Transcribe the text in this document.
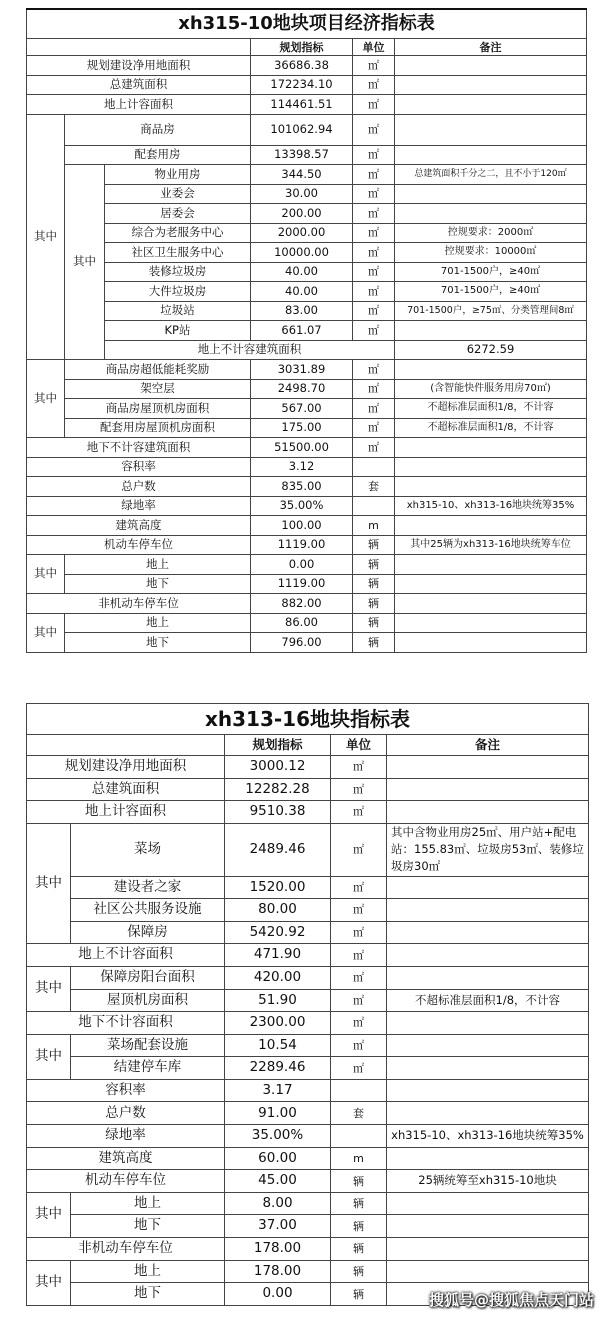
xh315-10地块项目经济指标表						
			规划指标	单位	备注	
规划建设净用地面积			36686.38	㎡		
总建筑面积			172234.10	㎡		
地上计容面积			114461.51	㎡		
其中	商品房		101062.94	㎡		
	配套用房		13398.57	㎡		
	其中	物业用房	344.50	㎡	总建筑面积千分之二，且不小于120㎡	
		业委会	30.00	㎡		
		居委会	200.00	㎡		
		综合为老服务中心	2000.00	㎡	控规要求：2000㎡	
		社区卫生服务中心	10000.00	㎡	控规要求：10000㎡	
		装修垃圾房	40.00	㎡	701-1500户，≥40㎡	
		大件垃圾房	40.00	㎡	701-1500户，≥40㎡	
		垃圾站	83.00	㎡	701-1500户，≥75㎡、分类管理间8㎡	
		KP站	661.07	㎡		
		地上不计容建筑面积			6272.59		
其中	商品房超低能耗奖励		3031.89	㎡		
	架空层		2498.70	㎡	(含智能快件服务用房70㎡)	
	商品房屋顶机房面积		567.00	㎡	不超标准层面积1/8，不计容	
	配套用房屋顶机房面积		175.00	㎡	不超标准层面积1/8，不计容	
地下不计容建筑面积			51500.00	㎡		
容积率			3.12			
总户数			835.00	套		
绿地率			35.00%		xh315-10、xh313-16地块统筹35%	
建筑高度			100.00	m		
机动车停车位			1119.00	辆	其中25辆为xh313-16地块统筹车位	
其中	地上		0.00	辆		
	地下		1119.00	辆		
非机动车停车位			882.00	辆		
其中	地上		86.00	辆		
	地下		796.00	辆		
xh313-16地块指标表				
		规划指标	单位	备注
规划建设净用地面积		3000.12	㎡	
总建筑面积		12282.28	㎡	
地上计容面积		9510.38	㎡	
其中	菜场	2489.46	㎡	其中含物业用房25㎡、用户站+配电站：155.83㎡、垃圾房53㎡、装修垃圾房30㎡
	建设者之家	1520.00	㎡	
	社区公共服务设施	80.00	㎡	
	保障房	5420.92	㎡	
地上不计容面积		471.90	㎡	
其中	保障房阳台面积	420.00	㎡	
	屋顶机房面积	51.90	㎡	不超标准层面积1/8，不计容
地下不计容面积		2300.00	㎡	
其中	菜场配套设施	10.54	㎡	
	结建停车库	2289.46	㎡	
容积率		3.17		
总户数		91.00	套	
绿地率		35.00%		xh315-10、xh313-16地块统筹35%
建筑高度		60.00	m	
机动车停车位		45.00	辆	25辆统筹至xh315-10地块
其中	地上	8.00	辆	
	地下	37.00	辆	
非机动车停车位		178.00	辆	
其中	地上	178.00	辆	
	地下	0.00	辆		搜狐号@搜狐焦点天门站
